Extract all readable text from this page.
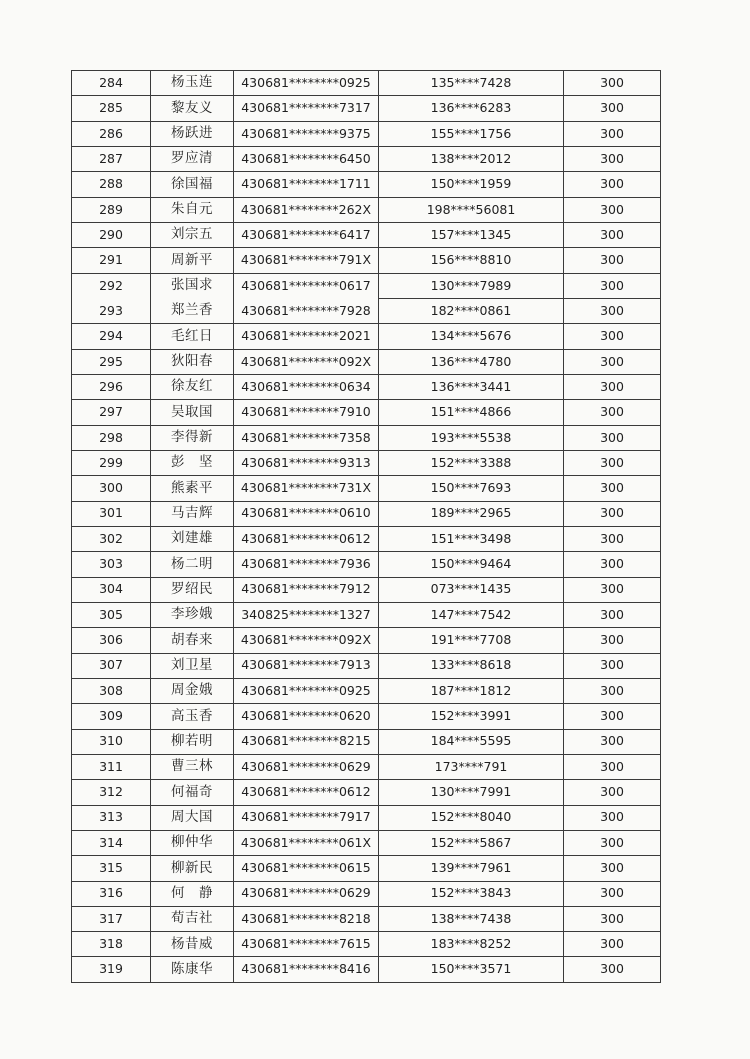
284	杨玉连	430681********0925	135****7428	300
285	黎友义	430681********7317	136****6283	300
286	杨跃进	430681********9375	155****1756	300
287	罗应清	430681********6450	138****2012	300
288	徐国福	430681********1711	150****1959	300
289	朱自元	430681********262X	198****56081	300
290	刘宗五	430681********6417	157****1345	300
291	周新平	430681********791X	156****8810	300
292	张国求	430681********0617	130****7989	300
293	郑兰香	430681********7928	182****0861	300
294	毛红日	430681********2021	134****5676	300
295	狄阳春	430681********092X	136****4780	300
296	徐友红	430681********0634	136****3441	300
297	吴取国	430681********7910	151****4866	300
298	李得新	430681********7358	193****5538	300
299	彭　坚	430681********9313	152****3388	300
300	熊素平	430681********731X	150****7693	300
301	马吉辉	430681********0610	189****2965	300
302	刘建雄	430681********0612	151****3498	300
303	杨二明	430681********7936	150****9464	300
304	罗绍民	430681********7912	073****1435	300
305	李珍娥	340825********1327	147****7542	300
306	胡春来	430681********092X	191****7708	300
307	刘卫星	430681********7913	133****8618	300
308	周金娥	430681********0925	187****1812	300
309	高玉香	430681********0620	152****3991	300
310	柳若明	430681********8215	184****5595	300
311	曹三林	430681********0629	173****791	300
312	何福奇	430681********0612	130****7991	300
313	周大国	430681********7917	152****8040	300
314	柳仲华	430681********061X	152****5867	300
315	柳新民	430681********0615	139****7961	300
316	何　静	430681********0629	152****3843	300
317	荀吉社	430681********8218	138****7438	300
318	杨昔威	430681********7615	183****8252	300
319	陈康华	430681********8416	150****3571	300
